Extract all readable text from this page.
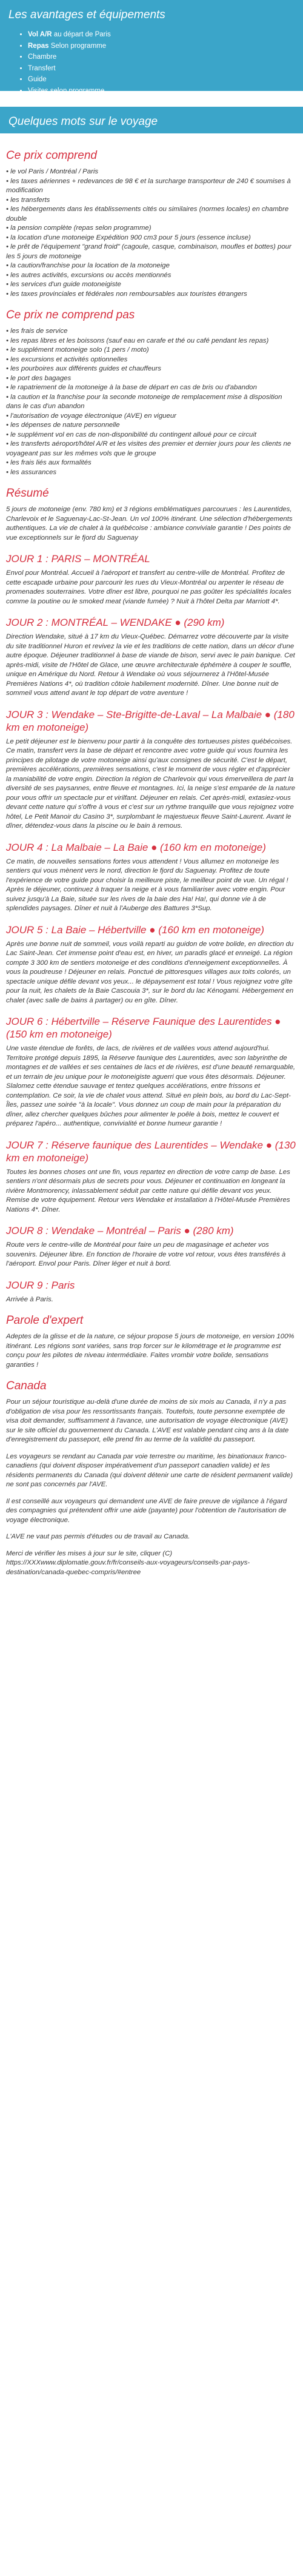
Les avantages et équipements
• Vol A/R au départ de Paris
• Repas Selon programme
• Chambre
• Transfert
• Guide
• Visites selon programme
Quelques mots sur le voyage
Ce prix comprend
• le vol Paris / Montréal / Paris
• les taxes aériennes + redevances de 98 € et la surcharge transporteur de 240 € soumises à modification
• les transferts
• les hébergements dans les établissements cités ou similaires (normes locales) en chambre double
• la pension complète (repas selon programme)
• la location d'une motoneige Expédition 900 cm3 pour 5 jours (essence incluse)
• le prêt de l'équipement "grand froid" (cagoule, casque, combinaison, moufles et bottes) pour les 5 jours de motoneige
• la caution/franchise pour la location de la motoneige
• les autres activités, excursions ou accès mentionnés
• les services d'un guide motoneigiste
• les taxes provinciales et fédérales non remboursables aux touristes étrangers
Ce prix ne comprend pas
• les frais de service
• les repas libres et les boissons (sauf eau en carafe et thé ou café pendant les repas)
• le supplément motoneige solo (1 pers / moto)
• les excursions et activités optionnelles
• les pourboires aux différents guides et chauffeurs
• le port des bagages
• le rapatriement de la motoneige à la base de départ en cas de bris ou d'abandon
• la caution et la franchise pour la seconde motoneige de remplacement mise à disposition dans le cas d'un abandon
• l'autorisation de voyage électronique (AVE) en vigueur
• les dépenses de nature personnelle
• le supplément vol en cas de non-disponibilité du contingent alloué pour ce circuit
• les transferts aéroport/hôtel A/R et les visites des premier et dernier jours pour les clients ne voyageant pas sur les mêmes vols que le groupe
• les frais liés aux formalités
• les assurances
Résumé

5 jours de motoneige (env. 780 km) et 3 régions emblématiques parcourues : les Laurentides, Charlevoix et le Saguenay-Lac-St-Jean. Un vol 100% itinérant. Une sélection d'hébergements authentiques. La vie de chalet à la québécoise : ambiance conviviale garantie ! Des points de vue exceptionnels sur le fjord du Saguenay

JOUR 1 : PARIS – MONTRÉAL

Envol pour Montréal. Accueil à l'aéroport et transfert au centre-ville de Montréal. Profitez de cette escapade urbaine pour parcourir les rues du Vieux-Montréal ou arpenter le réseau de promenades souterraines. Votre dîner est libre, pourquoi ne pas goûter les spécialités locales comme la poutine ou le smoked meat (viande fumée) ? Nuit à l'hôtel Delta par Marriott 4*.

JOUR 2 : MONTRÉAL – WENDAKE ● (290 km)

Direction Wendake, situé à 17 km du Vieux-Québec. Démarrez votre découverte par la visite du site traditionnel Huron et revivez la vie et les traditions de cette nation, dans un décor d'une autre époque. Déjeuner traditionnel à base de viande de bison, servi avec le pain banique. Cet après-midi, visite de l'Hôtel de Glace, une œuvre architecturale éphémère à couper le souffle, unique en Amérique du Nord. Retour à Wendake où vous séjournerez à l'Hôtel-Musée Premières Nations 4*, où tradition côtoie habilement modernité. Dîner. Une bonne nuit de sommeil vous attend avant le top départ de votre aventure !

JOUR 3 : Wendake – Ste-Brigitte-de-Laval – La Malbaie ● (180 km en motoneige)

Le petit déjeuner est le bienvenu pour partir à la conquête des tortueuses pistes québécoises. Ce matin, transfert vers la base de départ et rencontre avec votre guide qui vous fournira les principes de pilotage de votre motoneige ainsi qu'aux consignes de sécurité. C'est le départ, premières accélérations, premières sensations, c'est le moment de vous régler et d'apprécier la maniabilité de votre engin. Direction la région de Charlevoix qui vous émerveillera de part la diversité de ses paysannes, entre fleuve et montagnes. Ici, la neige s'est emparée de la nature pour vous offrir un spectacle pur et virilfant. Déjeuner en relais. Cet après-midi, extasiez-vous devant cette nature qui s'offre à vous et c'est sur un rythme tranquille que vous rejoignez votre hôtel, Le Petit Manoir du Casino 3*, surplombant le majestueux fleuve Saint-Laurent. Avant le dîner, détendez-vous dans la piscine ou le bain à remous.

JOUR 4 : La Malbaie – La Baie ● (160 km en motoneige)

Ce matin, de nouvelles sensations fortes vous attendent ! Vous allumez en motoneige les sentiers qui vous mènent vers le nord, direction le fjord du Saguenay. Profitez de toute l'expérience de votre guide pour choisir la meilleure piste, le meilleur point de vue. Un régal ! Après le déjeuner, continuez à traquer la neige et à vous familiariser avec votre engin. Pour suivez jusqu'à La Baie, située sur les rives de la baie des Ha! Ha!, qui donne vie à de splendides paysages. Dîner et nuit à l'Auberge des Battures 3*Sup.

JOUR 5 : La Baie – Hébertville ● (160 km en motoneige)

Après une bonne nuit de sommeil, vous voilà reparti au guidon de votre bolide, en direction du Lac Saint-Jean. Cet immense point d'eau est, en hiver, un paradis glacé et enneigé. La région compte 3 300 km de sentiers motoneige et des conditions d'enneigement exceptionnelles. À vous la poudreuse ! Déjeuner en relais. Ponctué de pittoresques villages aux toits colorés, un spectacle unique défile devant vos yeux... le dépaysement est total ! Vous rejoignez votre gîte pour la nuit, les chalets de la Baie Cascouia 3*, sur le bord du lac Kénogami. Hébergement en chalet (avec salle de bains à partager) ou en gîte. Dîner.

JOUR 6 : Hébertville – Réserve Faunique des Laurentides ● (150 km en motoneige)

Une vaste étendue de forêts, de lacs, de rivières et de vallées vous attend aujourd'hui. Territoire protégé depuis 1895, la Réserve faunique des Laurentides, avec son labyrinthe de montagnes et de vallées et ses centaines de lacs et de rivières, est d'une beauté remarquable, et un terrain de jeu unique pour le motoneigiste aguerri que vous êtes désormais. Déjeuner. Slalomez cette étendue sauvage et tentez quelques accélérations, entre frissons et contemplation. Ce soir, la vie de chalet vous attend. Situé en plein bois, au bord du Lac-Sept-Îles, passez une soirée "à la locale". Vous donnez un coup de main pour la préparation du dîner, allez chercher quelques bûches pour alimenter le poêle à bois, mettez le couvert et préparez l'apéro... authentique, convivialité et bonne humeur garantie !

JOUR 7 : Réserve faunique des Laurentides – Wendake ● (130 km en motoneige)

Toutes les bonnes choses ont une fin, vous repartez en direction de votre camp de base. Les sentiers n'ont désormais plus de secrets pour vous. Déjeuner et continuation en longeant la rivière Montmorency, inlassablement séduit par cette nature qui défile devant vos yeux. Remise de votre équipement. Retour vers Wendake et installation à l'Hôtel-Musée Premières Nations 4*. Dîner.

JOUR 8 : Wendake – Montréal – Paris ● (280 km)

Route vers le centre-ville de Montréal pour faire un peu de magasinage et acheter vos souvenirs. Déjeuner libre. En fonction de l'horaire de votre vol retour, vous êtes transférés à l'aéroport. Envol pour Paris. Dîner léger et nuit à bord.

JOUR 9 : Paris

Arrivée à Paris.

Parole d'expert

Adeptes de la glisse et de la nature, ce séjour propose 5 jours de motoneige, en version 100% itinérant. Les régions sont variées, sans trop forcer sur le kilométrage et le programme est conçu pour les pilotes de niveau intermédiaire. Faites vrombir votre bolide, sensations garanties !

Canada

Pour un séjour touristique au-delà d'une durée de moins de six mois au Canada, il n'y a pas d'obligation de visa pour les ressortissants français. Toutefois, toute personne exemptée de visa doit demander, suffisamment à l'avance, une autorisation de voyage électronique (AVE) sur le site officiel du gouvernement du Canada. L'AVE est valable pendant cinq ans à la date d'enregistrement du passeport, elle prend fin au terme de la validité du passeport.

Les voyageurs se rendant au Canada par voie terrestre ou maritime, les binationaux franco-canadiens (qui doivent disposer impérativement d'un passeport canadien valide) et les résidents permanents du Canada (qui doivent détenir une carte de résident permanent valide) ne sont pas concernés par l'AVE.

Il est conseillé aux voyageurs qui demandent une AVE de faire preuve de vigilance à l'égard des compagnies qui prétendent offrir une aide (payante) pour l'obtention de l'autorisation de voyage électronique.

L'AVE ne vaut pas permis d'études ou de travail au Canada.

Merci de vérifier les mises à jour sur le site, cliquer (C) https://XXXwww.diplomatie.gouv.fr/fr/conseils-aux-voyageurs/conseils-par-pays-destination/canada-quebec-compris/#entree
